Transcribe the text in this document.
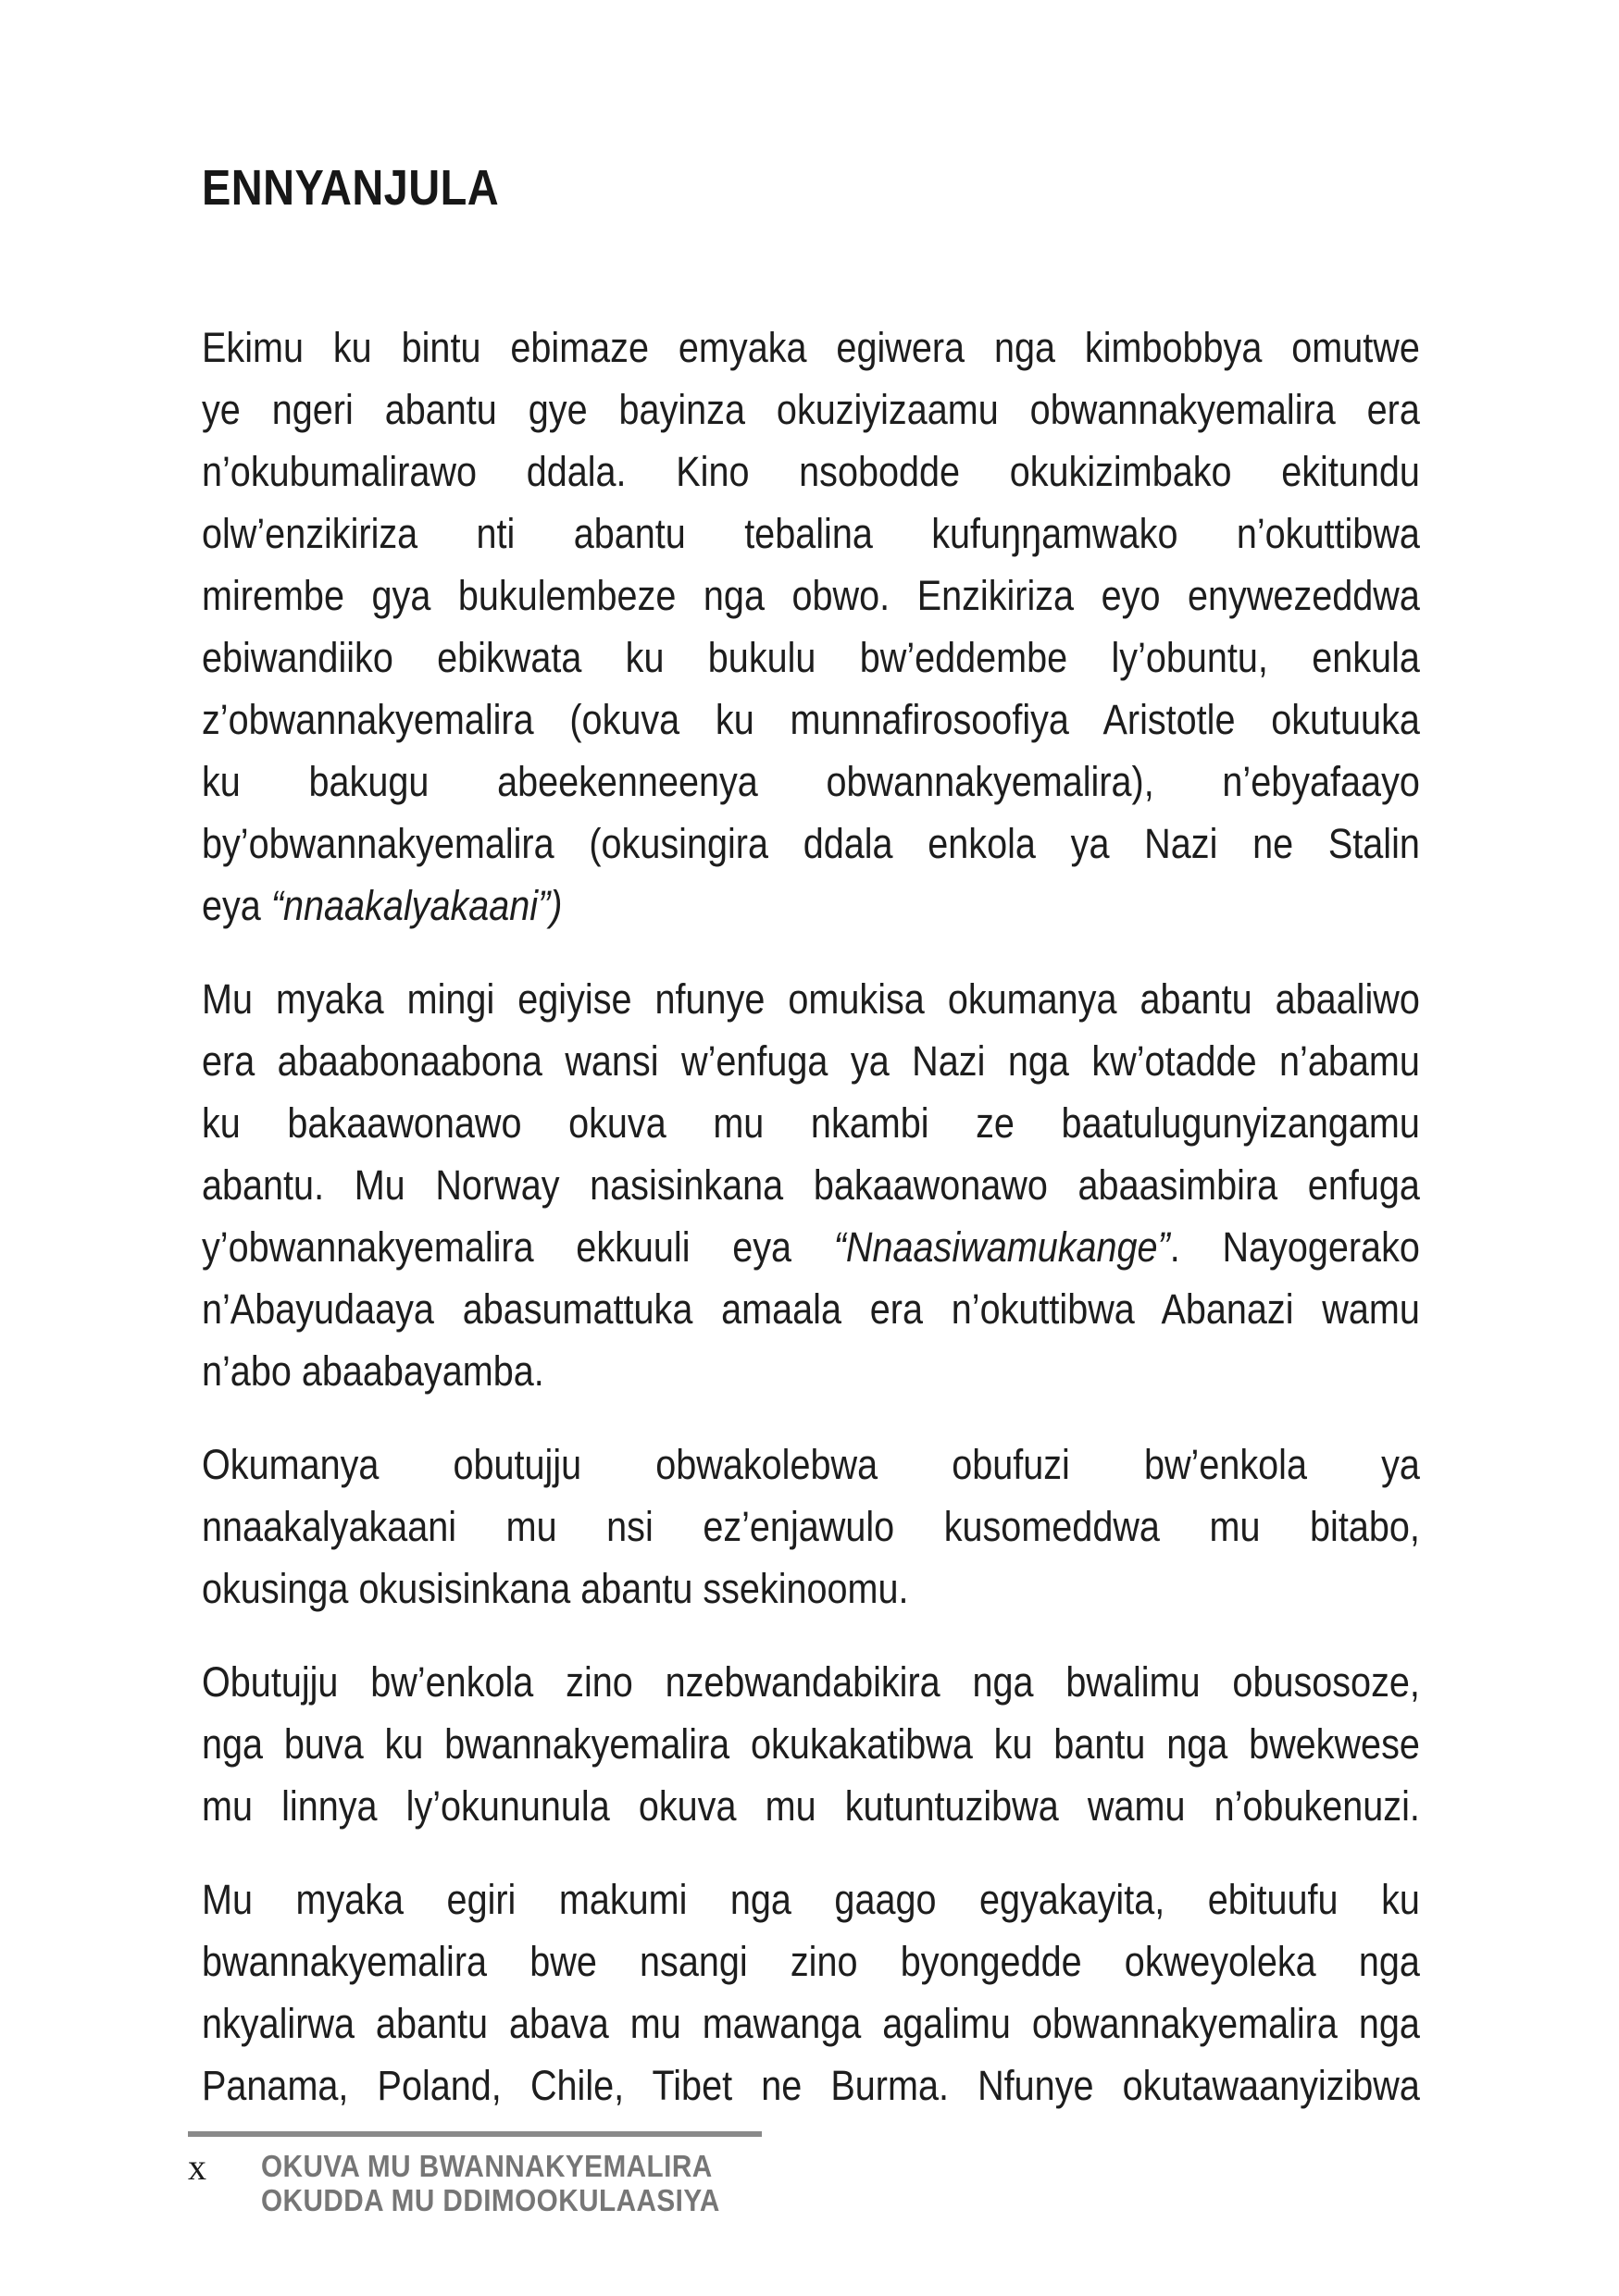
ENNYANJULA
Ekimu ku bintu ebimaze emyaka egiwera nga kimbobbya omutwe
ye ngeri abantu gye bayinza okuziyizaamu obwannakyemalira era
n’okubumalirawo ddala. Kino nsobodde okukizimbako ekitundu
olw’enzikiriza nti abantu tebalina kufuŋŋamwako n’okuttibwa
mirembe gya bukulembeze nga obwo. Enzikiriza eyo enywezeddwa
ebiwandiiko ebikwata ku bukulu bw’eddembe ly’obuntu, enkula
z’obwannakyemalira (okuva ku munnafirosoofiya Aristotle okutuuka
ku bakugu abeekenneenya obwannakyemalira), n’ebyafaayo
by’obwannakyemalira (okusingira ddala enkola ya Nazi ne Stalin
eya “nnaakalyakaani”)
Mu myaka mingi egiyise nfunye omukisa okumanya abantu abaaliwo
era abaabonaabona wansi w’enfuga ya Nazi nga kw’otadde n’abamu
ku bakaawonawo okuva mu nkambi ze baatulugunyizangamu
abantu. Mu Norway nasisinkana bakaawonawo abaasimbira enfuga
y’obwannakyemalira ekkuuli eya “Nnaasiwamukange”. Nayogerako
n’Abayudaaya abasumattuka amaala era n’okuttibwa Abanazi wamu
n’abo abaabayamba.
Okumanya obutujju obwakolebwa obufuzi bw’enkola ya
nnaakalyakaani mu nsi ez’enjawulo kusomeddwa mu bitabo,
okusinga okusisinkana abantu ssekinoomu.
Obutujju bw’enkola zino nzebwandabikira nga bwalimu obusosoze,
nga buva ku bwannakyemalira okukakatibwa ku bantu nga bwekwese
mu linnya ly’okununula okuva mu kutuntuzibwa wamu n’obukenuzi.
Mu myaka egiri makumi nga gaago egyakayita, ebituufu ku
bwannakyemalira bwe nsangi zino byongedde okweyoleka nga
nkyalirwa abantu abava mu mawanga agalimu obwannakyemalira nga
Panama, Poland, Chile, Tibet ne Burma. Nfunye okutawaanyizibwa
x OKUVA MU BWANNAKYEMALIRA
OKUDDA MU DDIMOOKULAASIYA
